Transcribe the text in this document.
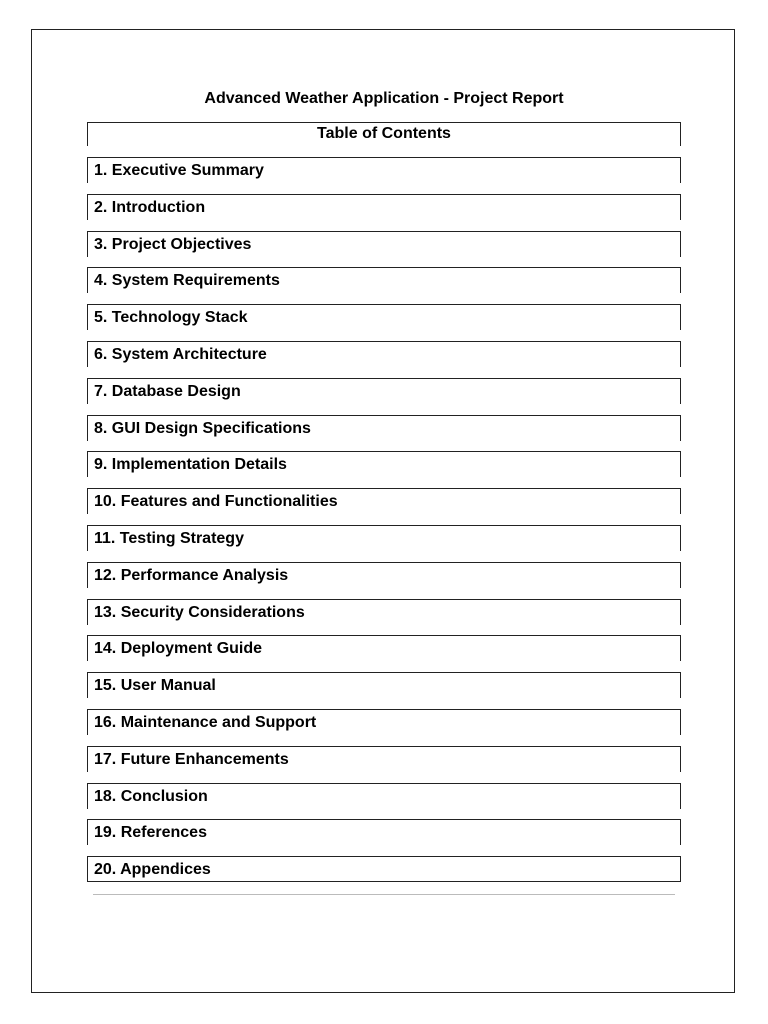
Advanced Weather Application - Project Report
Table of Contents
1. Executive Summary
2. Introduction
3. Project Objectives
4. System Requirements
5. Technology Stack
6. System Architecture
7. Database Design
8. GUI Design Specifications
9. Implementation Details
10. Features and Functionalities
11. Testing Strategy
12. Performance Analysis
13. Security Considerations
14. Deployment Guide
15. User Manual
16. Maintenance and Support
17. Future Enhancements
18. Conclusion
19. References
20. Appendices
